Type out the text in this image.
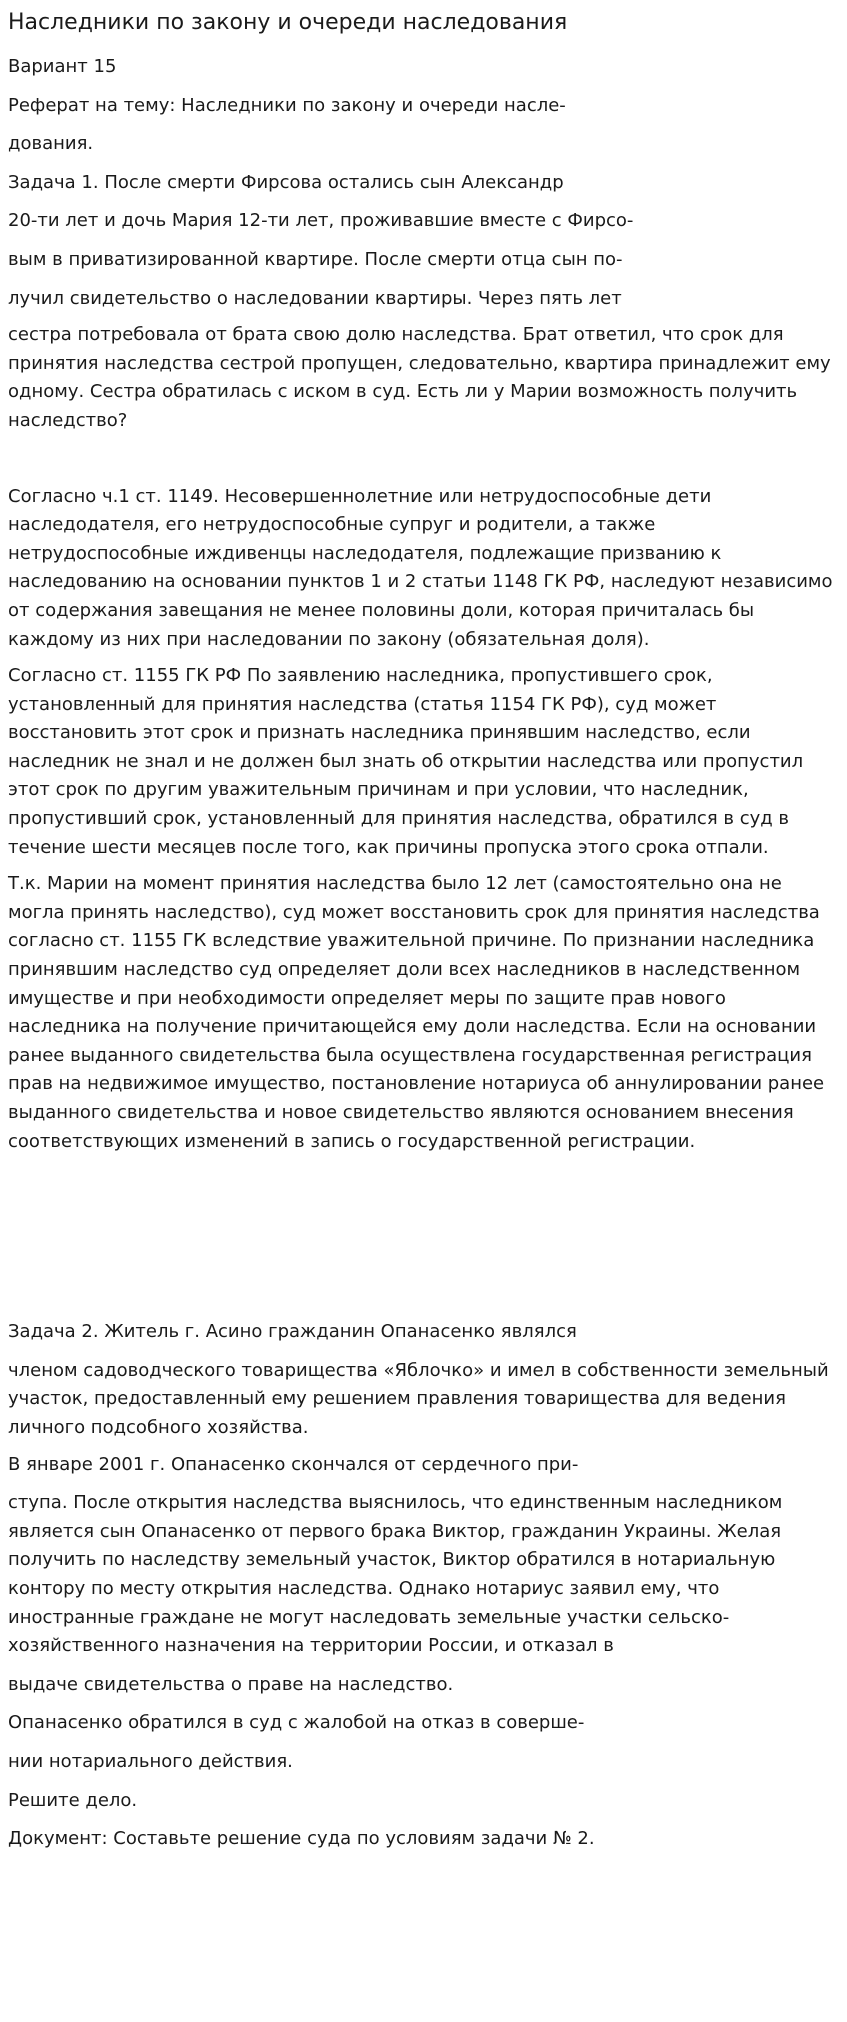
Наследники по закону и очереди наследования

Вариант 15

Реферат на тему: Наследники по закону и очереди насле-

дования.

Задача 1. После смерти Фирсова остались сын Александр

20-ти лет и дочь Мария 12-ти лет, проживавшие вместе с Фирсо-

вым в приватизированной квартире. После смерти отца сын по-

лучил свидетельство о наследовании квартиры. Через пять лет

сестра потребовала от брата свою долю наследства. Брат ответил, что срок для принятия наследства сестрой пропущен, следовательно, квартира принадлежит ему одному. Сестра обратилась с иском в суд. Есть ли у Марии возможность получить наследство?

Согласно ч.1 ст. 1149. Несовершеннолетние или нетрудоспособные дети наследодателя, его нетрудоспособные супруг и родители, а также нетрудоспособные иждивенцы наследодателя, подлежащие призванию к наследованию на основании пунктов 1 и 2 статьи 1148 ГК РФ, наследуют независимо от содержания завещания не менее половины доли, которая причиталась бы каждому из них при наследовании по закону (обязательная доля).

Согласно ст. 1155 ГК РФ По заявлению наследника, пропустившего срок, установленный для принятия наследства (статья 1154 ГК РФ), суд может восстановить этот срок и признать наследника принявшим наследство, если наследник не знал и не должен был знать об открытии наследства или пропустил этот срок по другим уважительным причинам и при условии, что наследник, пропустивший срок, установленный для принятия наследства, обратился в суд в течение шести месяцев после того, как причины пропуска этого срока отпали.

Т.к. Марии на момент принятия наследства было 12 лет (самостоятельно она не могла принять наследство), суд может восстановить срок для принятия наследства согласно ст. 1155 ГК вследствие уважительной причине. По признании наследника принявшим наследство суд определяет доли всех наследников в наследственном имуществе и при необходимости определяет меры по защите прав нового наследника на получение причитающейся ему доли наследства. Если на основании ранее выданного свидетельства была осуществлена государственная регистрация прав на недвижимое имущество, постановление нотариуса об аннулировании ранее выданного свидетельства и новое свидетельство являются основанием внесения соответствующих изменений в запись о государственной регистрации.

Задача 2. Житель г. Асино гражданин Опанасенко являлся

членом садоводческого товарищества «Яблочко» и имел в собственности земельный участок, предоставленный ему решением правления товарищества для ведения личного подсобного хозяйства.

В январе 2001 г. Опанасенко скончался от сердечного при-

ступа. После открытия наследства выяснилось, что единственным наследником является сын Опанасенко от первого брака Виктор, гражданин Украины. Желая получить по наследству земельный участок, Виктор обратился в нотариальную контору по месту открытия наследства. Однако нотариус заявил ему, что иностранные граждане не могут наследовать земельные участки сельско-хозяйственного назначения на территории России, и отказал в

выдаче свидетельства о праве на наследство.

Опанасенко обратился в суд с жалобой на отказ в соверше-

нии нотариального действия.

Решите дело.

Документ: Составьте решение суда по условиям задачи № 2.
